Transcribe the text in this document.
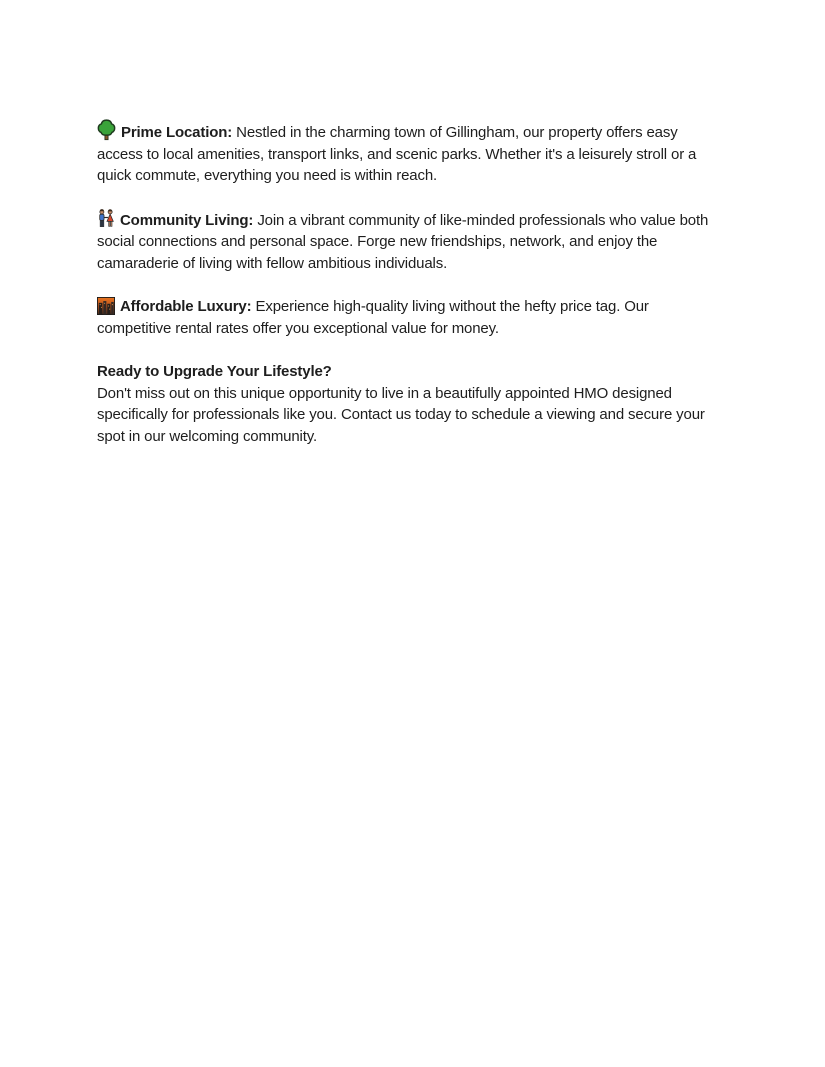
Prime Location: Nestled in the charming town of Gillingham, our property offers easy access to local amenities, transport links, and scenic parks. Whether it's a leisurely stroll or a quick commute, everything you need is within reach.

Community Living: Join a vibrant community of like-minded professionals who value both social connections and personal space. Forge new friendships, network, and enjoy the camaraderie of living with fellow ambitious individuals.

Affordable Luxury: Experience high-quality living without the hefty price tag. Our competitive rental rates offer you exceptional value for money.

Ready to Upgrade Your Lifestyle?

Don't miss out on this unique opportunity to live in a beautifully appointed HMO designed specifically for professionals like you. Contact us today to schedule a viewing and secure your spot in our welcoming community.
